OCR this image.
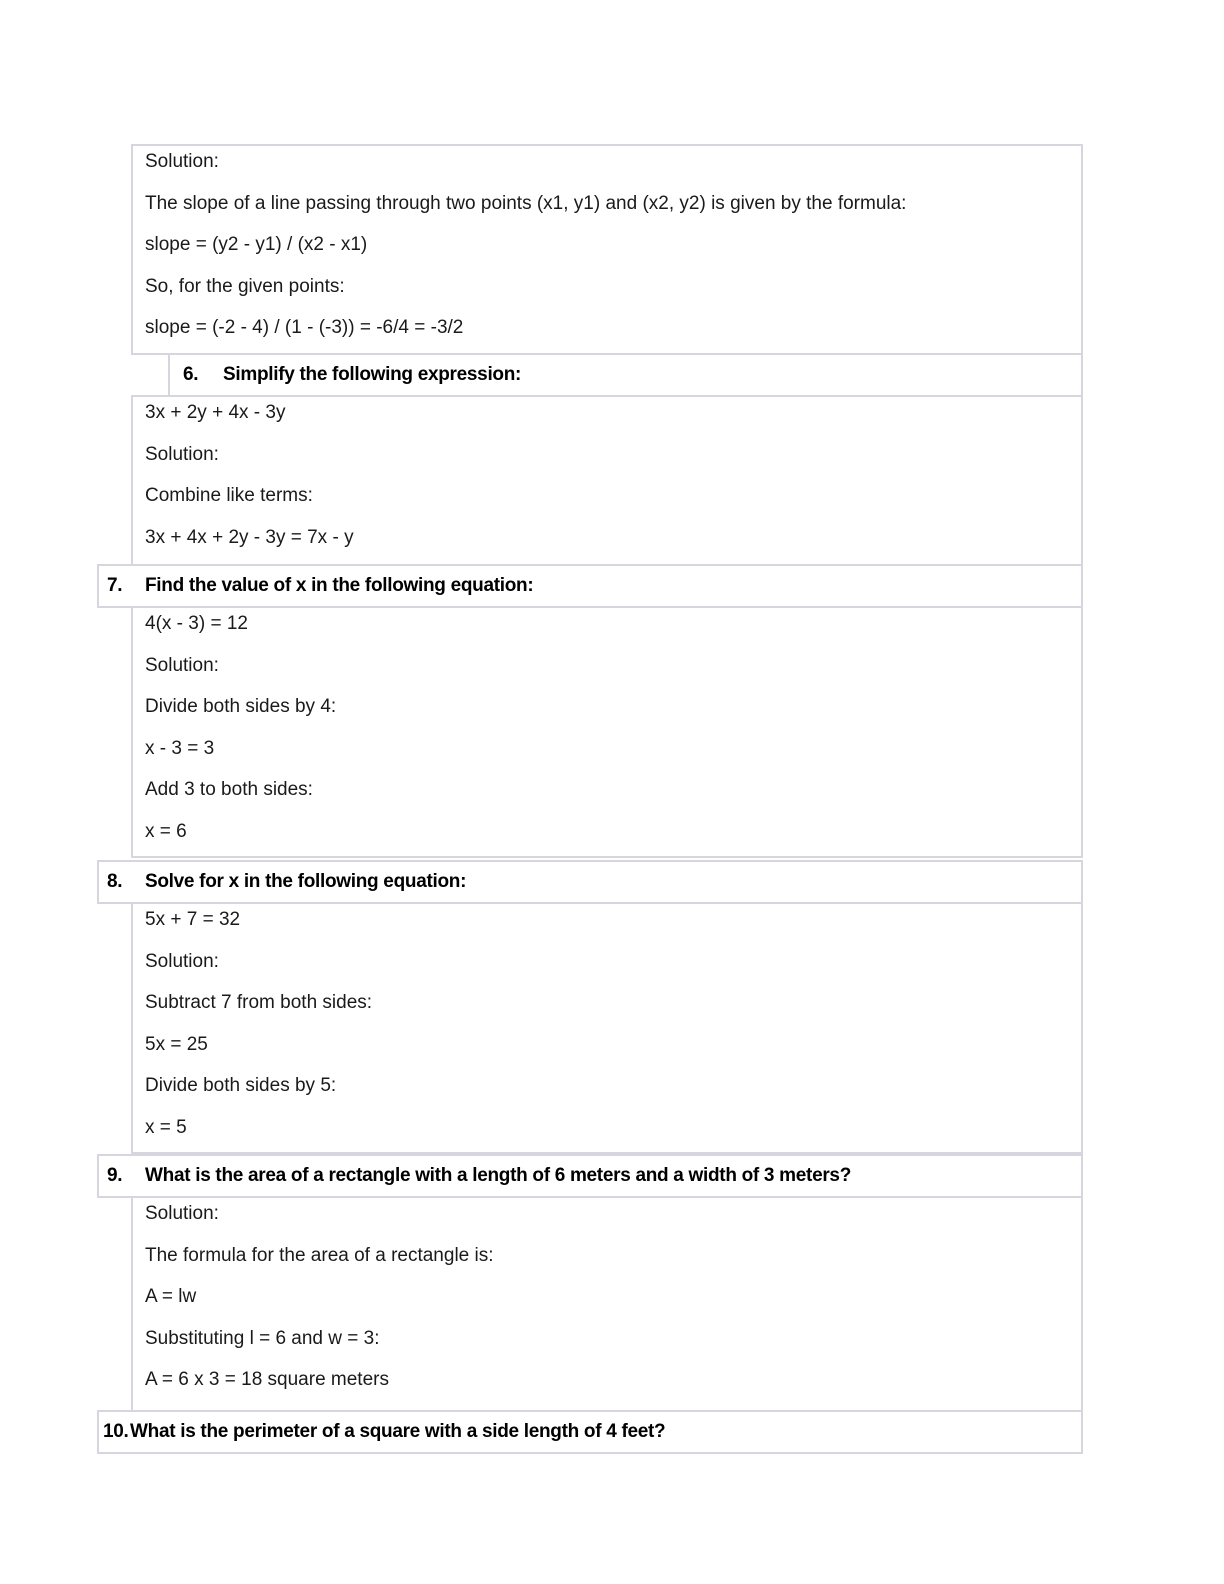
Solution:
The slope of a line passing through two points (x1, y1) and (x2, y2) is given by the formula:
slope = (y2 - y1) / (x2 - x1)
So, for the given points:
slope = (-2 - 4) / (1 - (-3)) = -6/4 = -3/2
6.	Simplify the following expression:
3x + 2y + 4x - 3y
Solution:
Combine like terms:
3x + 4x + 2y - 3y = 7x - y
7.	Find the value of x in the following equation:
4(x - 3) = 12
Solution:
Divide both sides by 4:
x - 3 = 3
Add 3 to both sides:
x = 6
8.	Solve for x in the following equation:
5x + 7 = 32
Solution:
Subtract 7 from both sides:
5x = 25
Divide both sides by 5:
x = 5
9.	What is the area of a rectangle with a length of 6 meters and a width of 3 meters?
Solution:
The formula for the area of a rectangle is:
A = lw
Substituting l = 6 and w = 3:
A = 6 x 3 = 18 square meters
10. What is the perimeter of a square with a side length of 4 feet?
